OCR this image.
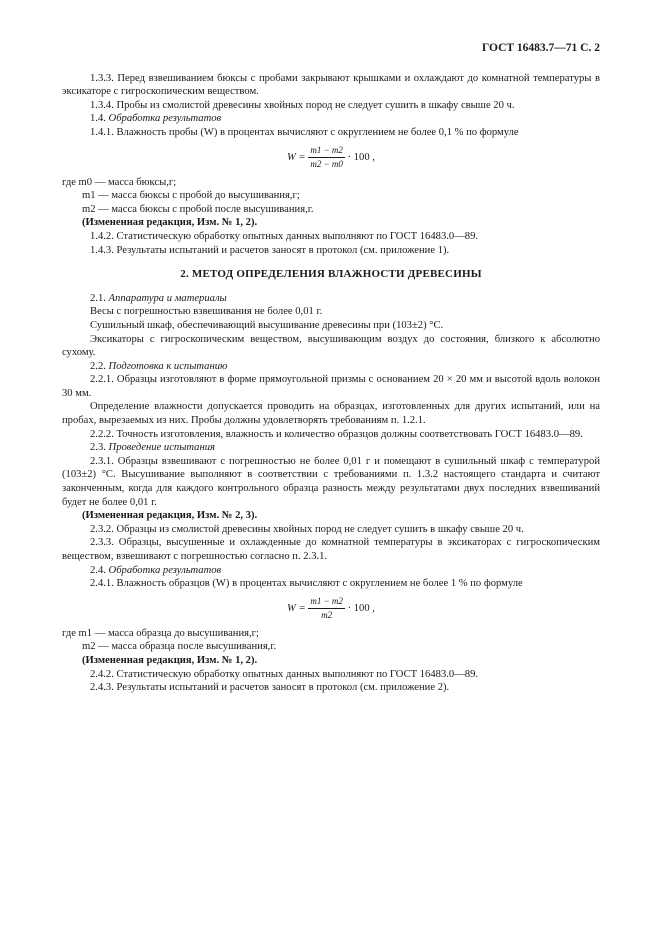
ГОСТ 16483.7—71 С. 2

1.3.3. Перед взвешиванием бюксы с пробами закрывают крышками и охлаждают до комнатной температуры в эксикаторе с гигроскопическим веществом.

1.3.4. Пробы из смолистой древесины хвойных пород не следует сушить в шкафу свыше 20 ч.

1.4. Обработка результатов

1.4.1. Влажность пробы (W) в процентах вычисляют с округлением не более 0,1 % по формуле

$W = \frac{m1 - m2}{m2 - m0} \cdot 100$ ,

где m0 — масса бюксы,г;

m1 — масса бюксы с пробой до высушивания,г;

m2 — масса бюксы с пробой после высушивания,г.

(Измененная редакция, Изм. № 1, 2).

1.4.2. Статистическую обработку опытных данных выполняют по ГОСТ 16483.0—89.

1.4.3. Результаты испытаний и расчетов заносят в протокол (см. приложение 1).

2. МЕТОД ОПРЕДЕЛЕНИЯ ВЛАЖНОСТИ ДРЕВЕСИНЫ

2.1. Аппаратура и материалы

Весы с погрешностью взвешивания не более 0,01 г.

Сушильный шкаф, обеспечивающий высушивание древесины при (103±2) °С.

Эксикаторы с гигроскопическим веществом, высушивающим воздух до состояния, близкого к абсолютно сухому.

2.2. Подготовка к испытанию

2.2.1. Образцы изготовляют в форме прямоугольной призмы с основанием 20 × 20 мм и высотой вдоль волокон 30 мм.

Определение влажности допускается проводить на образцах, изготовленных для других испытаний, или на пробах, вырезаемых из них. Пробы должны удовлетворять требованиям п. 1.2.1.

2.2.2. Точность изготовления, влажность и количество образцов должны соответствовать ГОСТ 16483.0—89.

2.3. Проведение испытания

2.3.1. Образцы взвешивают с погрешностью не более 0,01 г и помещают в сушильный шкаф с температурой (103±2) °С. Высушивание выполняют в соответствии с требованиями п. 1.3.2 настоящего стандарта и считают законченным, когда для каждого контрольного образца разность между результатами двух последних взвешиваний будет не более 0,01 г.

(Измененная редакция, Изм. № 2, 3).

2.3.2. Образцы из смолистой древесины хвойных пород не следует сушить в шкафу свыше 20 ч.

2.3.3. Образцы, высушенные и охлажденные до комнатной температуры в эксикаторах с гигроскопическим веществом, взвешивают с погрешностью согласно п. 2.3.1.

2.4. Обработка результатов

2.4.1. Влажность образцов (W) в процентах вычисляют с округлением не более 1 % по формуле

$W = \frac{m1 - m2}{m2} \cdot 100$ ,

где m1 — масса образца до высушивания,г;

m2 — масса образца после высушивания,г.

(Измененная редакция, Изм. № 1, 2).

2.4.2. Статистическую обработку опытных данных выполняют по ГОСТ 16483.0—89.

2.4.3. Результаты испытаний и расчетов заносят в протокол (см. приложение 2).
